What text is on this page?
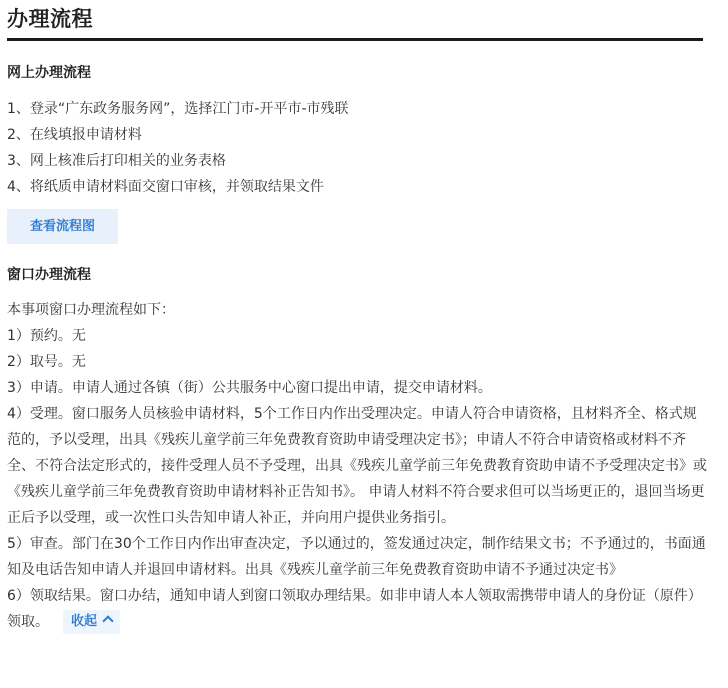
办理流程
网上办理流程
1、登录“广东政务服务网”，选择江门市-开平市-市残联
2、在线填报申请材料
3、网上核准后打印相关的业务表格
4、将纸质申请材料面交窗口审核，并领取结果文件
查看流程图
窗口办理流程

本事项窗口办理流程如下：

1）预约。无

2）取号。无

3）申请。申请人通过各镇（街）公共服务中心窗口提出申请，提交申请材料。

4）受理。窗口服务人员核验申请材料，5个工作日内作出受理决定。申请人符合申请资格，且材料齐全、格式规范的，予以受理，出具《残疾儿童学前三年免费教育资助申请受理决定书》；申请人不符合申请资格或材料不齐全、不符合法定形式的，接件受理人员不予受理，出具《残疾儿童学前三年免费教育资助申请不予受理决定书》或《残疾儿童学前三年免费教育资助申请材料补正告知书》。 申请人材料不符合要求但可以当场更正的，退回当场更正后予以受理，或一次性口头告知申请人补正，并向用户提供业务指引。

5）审查。部门在30个工作日内作出审查决定，予以通过的，签发通过决定，制作结果文书；不予通过的，书面通知及电话告知申请人并退回申请材料。出具《残疾儿童学前三年免费教育资助申请不予通过决定书》

6）领取结果。窗口办结，通知申请人到窗口领取办理结果。如非申请人本人领取需携带申请人的身份证（原件）领取。 收起
